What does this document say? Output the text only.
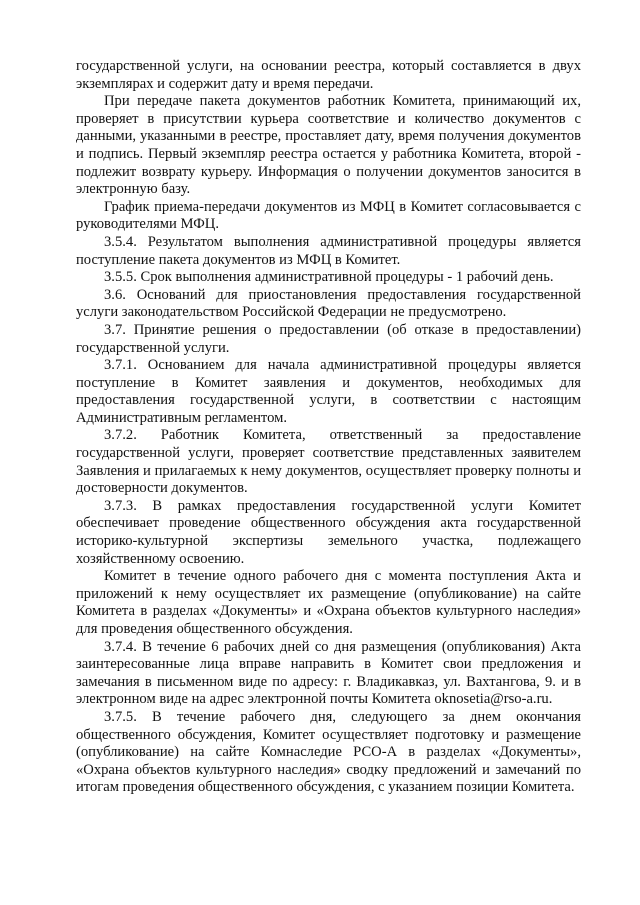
государственной услуги, на основании реестра, который составляется в двух экземплярах и содержит дату и время передачи.

При передаче пакета документов работник Комитета, принимающий их, проверяет в присутствии курьера соответствие и количество документов с данными, указанными в реестре, проставляет дату, время получения документов и подпись. Первый экземпляр реестра остается у работника Комитета, второй - подлежит возврату курьеру. Информация о получении документов заносится в электронную базу.

График приема-передачи документов из МФЦ в Комитет согласовывается с руководителями МФЦ.

3.5.4. Результатом выполнения административной процедуры является поступление пакета документов из МФЦ в Комитет.

3.5.5. Срок выполнения административной процедуры - 1 рабочий день.

3.6. Оснований для приостановления предоставления государственной услуги законодательством Российской Федерации не предусмотрено.

3.7. Принятие решения о предоставлении (об отказе в предоставлении) государственной услуги.

3.7.1. Основанием для начала административной процедуры является поступление в Комитет заявления и документов, необходимых для предоставления государственной услуги, в соответствии с настоящим Административным регламентом.

3.7.2. Работник Комитета, ответственный за предоставление государственной услуги, проверяет соответствие представленных заявителем Заявления и прилагаемых к нему документов, осуществляет проверку полноты и достоверности документов.

3.7.3. В рамках предоставления государственной услуги Комитет обеспечивает проведение общественного обсуждения акта государственной историко-культурной экспертизы земельного участка, подлежащего хозяйственному освоению.

Комитет в течение одного рабочего дня с момента поступления Акта и приложений к нему осуществляет их размещение (опубликование) на сайте Комитета в разделах «Документы» и «Охрана объектов культурного наследия» для проведения общественного обсуждения.

3.7.4. В течение 6 рабочих дней со дня размещения (опубликования) Акта заинтересованные лица вправе направить в Комитет свои предложения и замечания в письменном виде по адресу: г. Владикавказ, ул. Вахтангова, 9. и в электронном виде на адрес электронной почты Комитета oknosetia@rso-a.ru.

3.7.5. В течение рабочего дня, следующего за днем окончания общественного обсуждения, Комитет осуществляет подготовку и размещение (опубликование) на сайте Комнаследие РСО-А в разделах «Документы», «Охрана объектов культурного наследия» сводку предложений и замечаний по итогам проведения общественного обсуждения, с указанием позиции Комитета.
